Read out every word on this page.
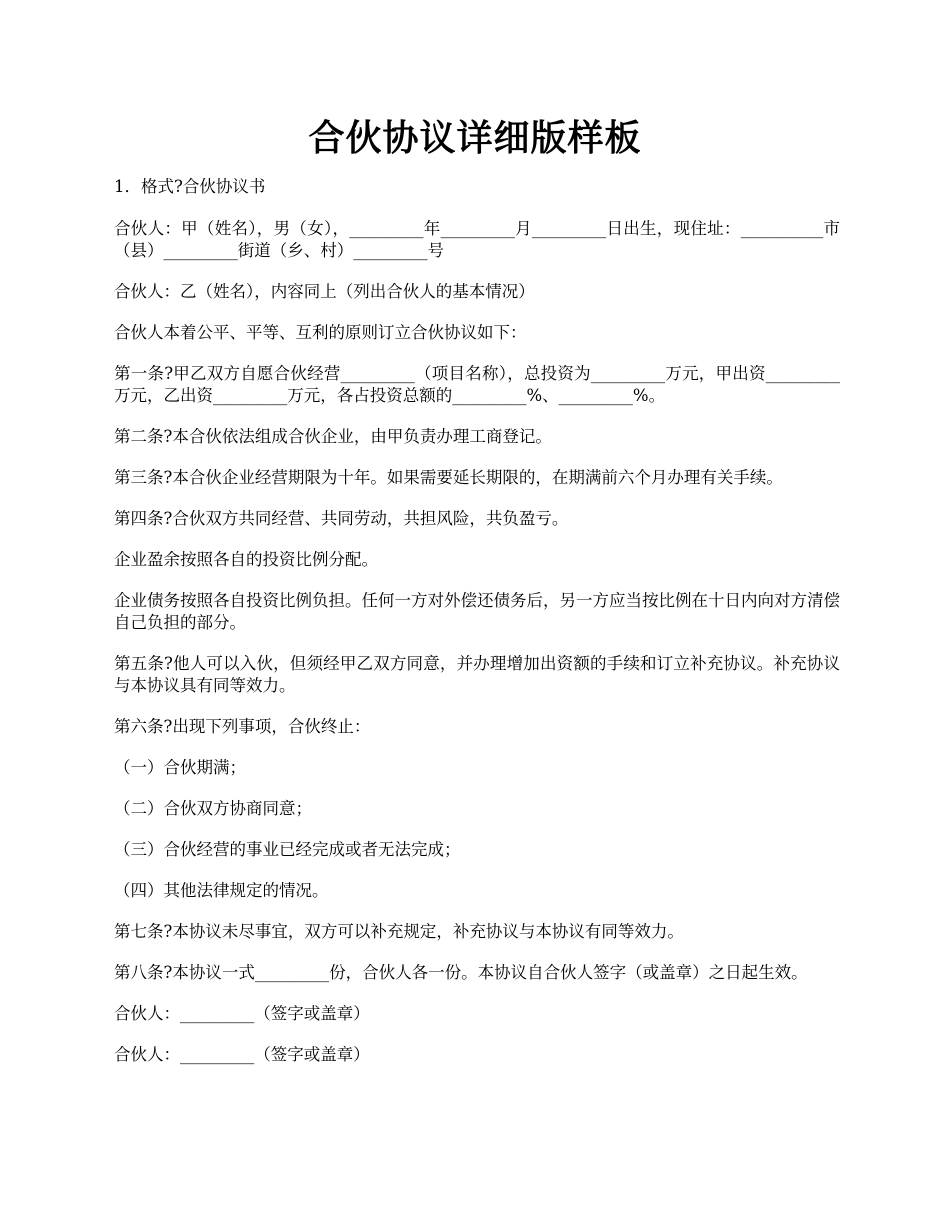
合伙协议详细版样板

1．格式?合伙协议书

合伙人：甲（姓名），男（女），_________年_________月_________日出生，现住址：__________市（县）_________街道（乡、村）_________号

合伙人：乙（姓名），内容同上（列出合伙人的基本情况）

合伙人本着公平、平等、互利的原则订立合伙协议如下：

第一条?甲乙双方自愿合伙经营_________（项目名称），总投资为_________万元，甲出资_________万元，乙出资_________万元，各占投资总额的_________%、_________%。

第二条?本合伙依法组成合伙企业，由甲负责办理工商登记。

第三条?本合伙企业经营期限为十年。如果需要延长期限的，在期满前六个月办理有关手续。

第四条?合伙双方共同经营、共同劳动，共担风险，共负盈亏。

企业盈余按照各自的投资比例分配。

企业债务按照各自投资比例负担。任何一方对外偿还债务后，另一方应当按比例在十日内向对方清偿自己负担的部分。

第五条?他人可以入伙，但须经甲乙双方同意，并办理增加出资额的手续和订立补充协议。补充协议与本协议具有同等效力。

第六条?出现下列事项，合伙终止：

（一）合伙期满；

（二）合伙双方协商同意；

（三）合伙经营的事业已经完成或者无法完成；

（四）其他法律规定的情况。

第七条?本协议未尽事宜，双方可以补充规定，补充协议与本协议有同等效力。

第八条?本协议一式_________份，合伙人各一份。本协议自合伙人签字（或盖章）之日起生效。

合伙人：_________（签字或盖章）

合伙人：_________（签字或盖章）
